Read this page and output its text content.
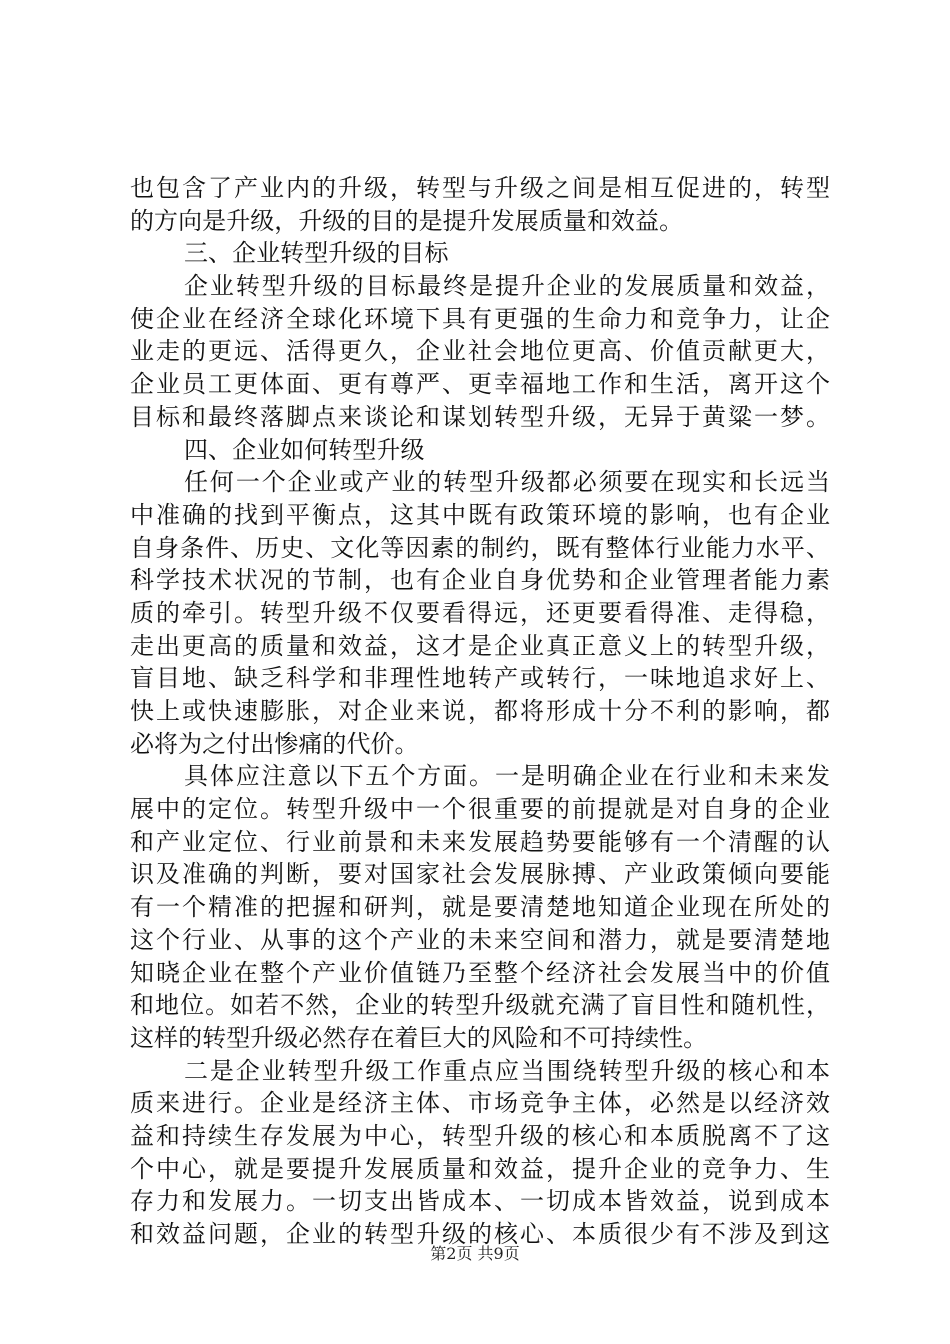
也包含了产业内的升级，转型与升级之间是相互促进的，转型
的方向是升级，升级的目的是提升发展质量和效益。
三、企业转型升级的目标
企业转型升级的目标最终是提升企业的发展质量和效益，
使企业在经济全球化环境下具有更强的生命力和竞争力，让企
业走的更远、活得更久，企业社会地位更高、价值贡献更大，
企业员工更体面、更有尊严、更幸福地工作和生活，离开这个
目标和最终落脚点来谈论和谋划转型升级，无异于黄粱一梦。
四、企业如何转型升级
任何一个企业或产业的转型升级都必须要在现实和长远当
中准确的找到平衡点，这其中既有政策环境的影响，也有企业
自身条件、历史、文化等因素的制约，既有整体行业能力水平、
科学技术状况的节制，也有企业自身优势和企业管理者能力素
质的牵引。转型升级不仅要看得远，还更要看得准、走得稳，
走出更高的质量和效益，这才是企业真正意义上的转型升级，
盲目地、缺乏科学和非理性地转产或转行，一味地追求好上、
快上或快速膨胀，对企业来说，都将形成十分不利的影响，都
必将为之付出惨痛的代价。
具体应注意以下五个方面。一是明确企业在行业和未来发
展中的定位。转型升级中一个很重要的前提就是对自身的企业
和产业定位、行业前景和未来发展趋势要能够有一个清醒的认
识及准确的判断，要对国家社会发展脉搏、产业政策倾向要能
有一个精准的把握和研判，就是要清楚地知道企业现在所处的
这个行业、从事的这个产业的未来空间和潜力，就是要清楚地
知晓企业在整个产业价值链乃至整个经济社会发展当中的价值
和地位。如若不然，企业的转型升级就充满了盲目性和随机性，
这样的转型升级必然存在着巨大的风险和不可持续性。
二是企业转型升级工作重点应当围绕转型升级的核心和本
质来进行。企业是经济主体、市场竞争主体，必然是以经济效
益和持续生存发展为中心，转型升级的核心和本质脱离不了这
个中心，就是要提升发展质量和效益，提升企业的竞争力、生
存力和发展力。一切支出皆成本、一切成本皆效益，说到成本
和效益问题，企业的转型升级的核心、本质很少有不涉及到这
第2页 共9页
